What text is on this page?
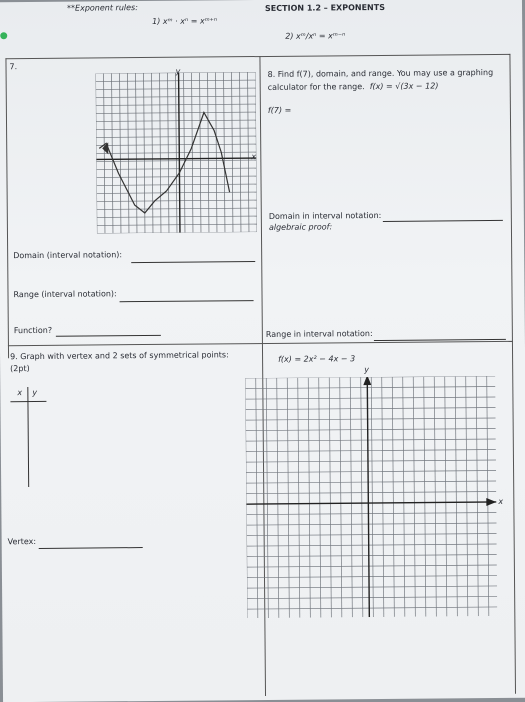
**Exponent rules:
1) xᵐ · xⁿ = xᵐ⁺ⁿ
SECTION 1.2 – EXPONENTS
2) xᵐ/xⁿ = xᵐ⁻ⁿ
7.
y
x
Domain (interval notation):
Range (interval notation):
Function?
8. Find f(7), domain, and range. You may use a graphing
calculator for the range. f(x) = √(3x − 12)
f(7) =
Domain in interval notation:
algebraic proof:
Range in interval notation:
9. Graph with vertex and 2 sets of symmetrical points:
(2pt)
f(x) = 2x² − 4x − 3
x y
Vertex:
y
x
